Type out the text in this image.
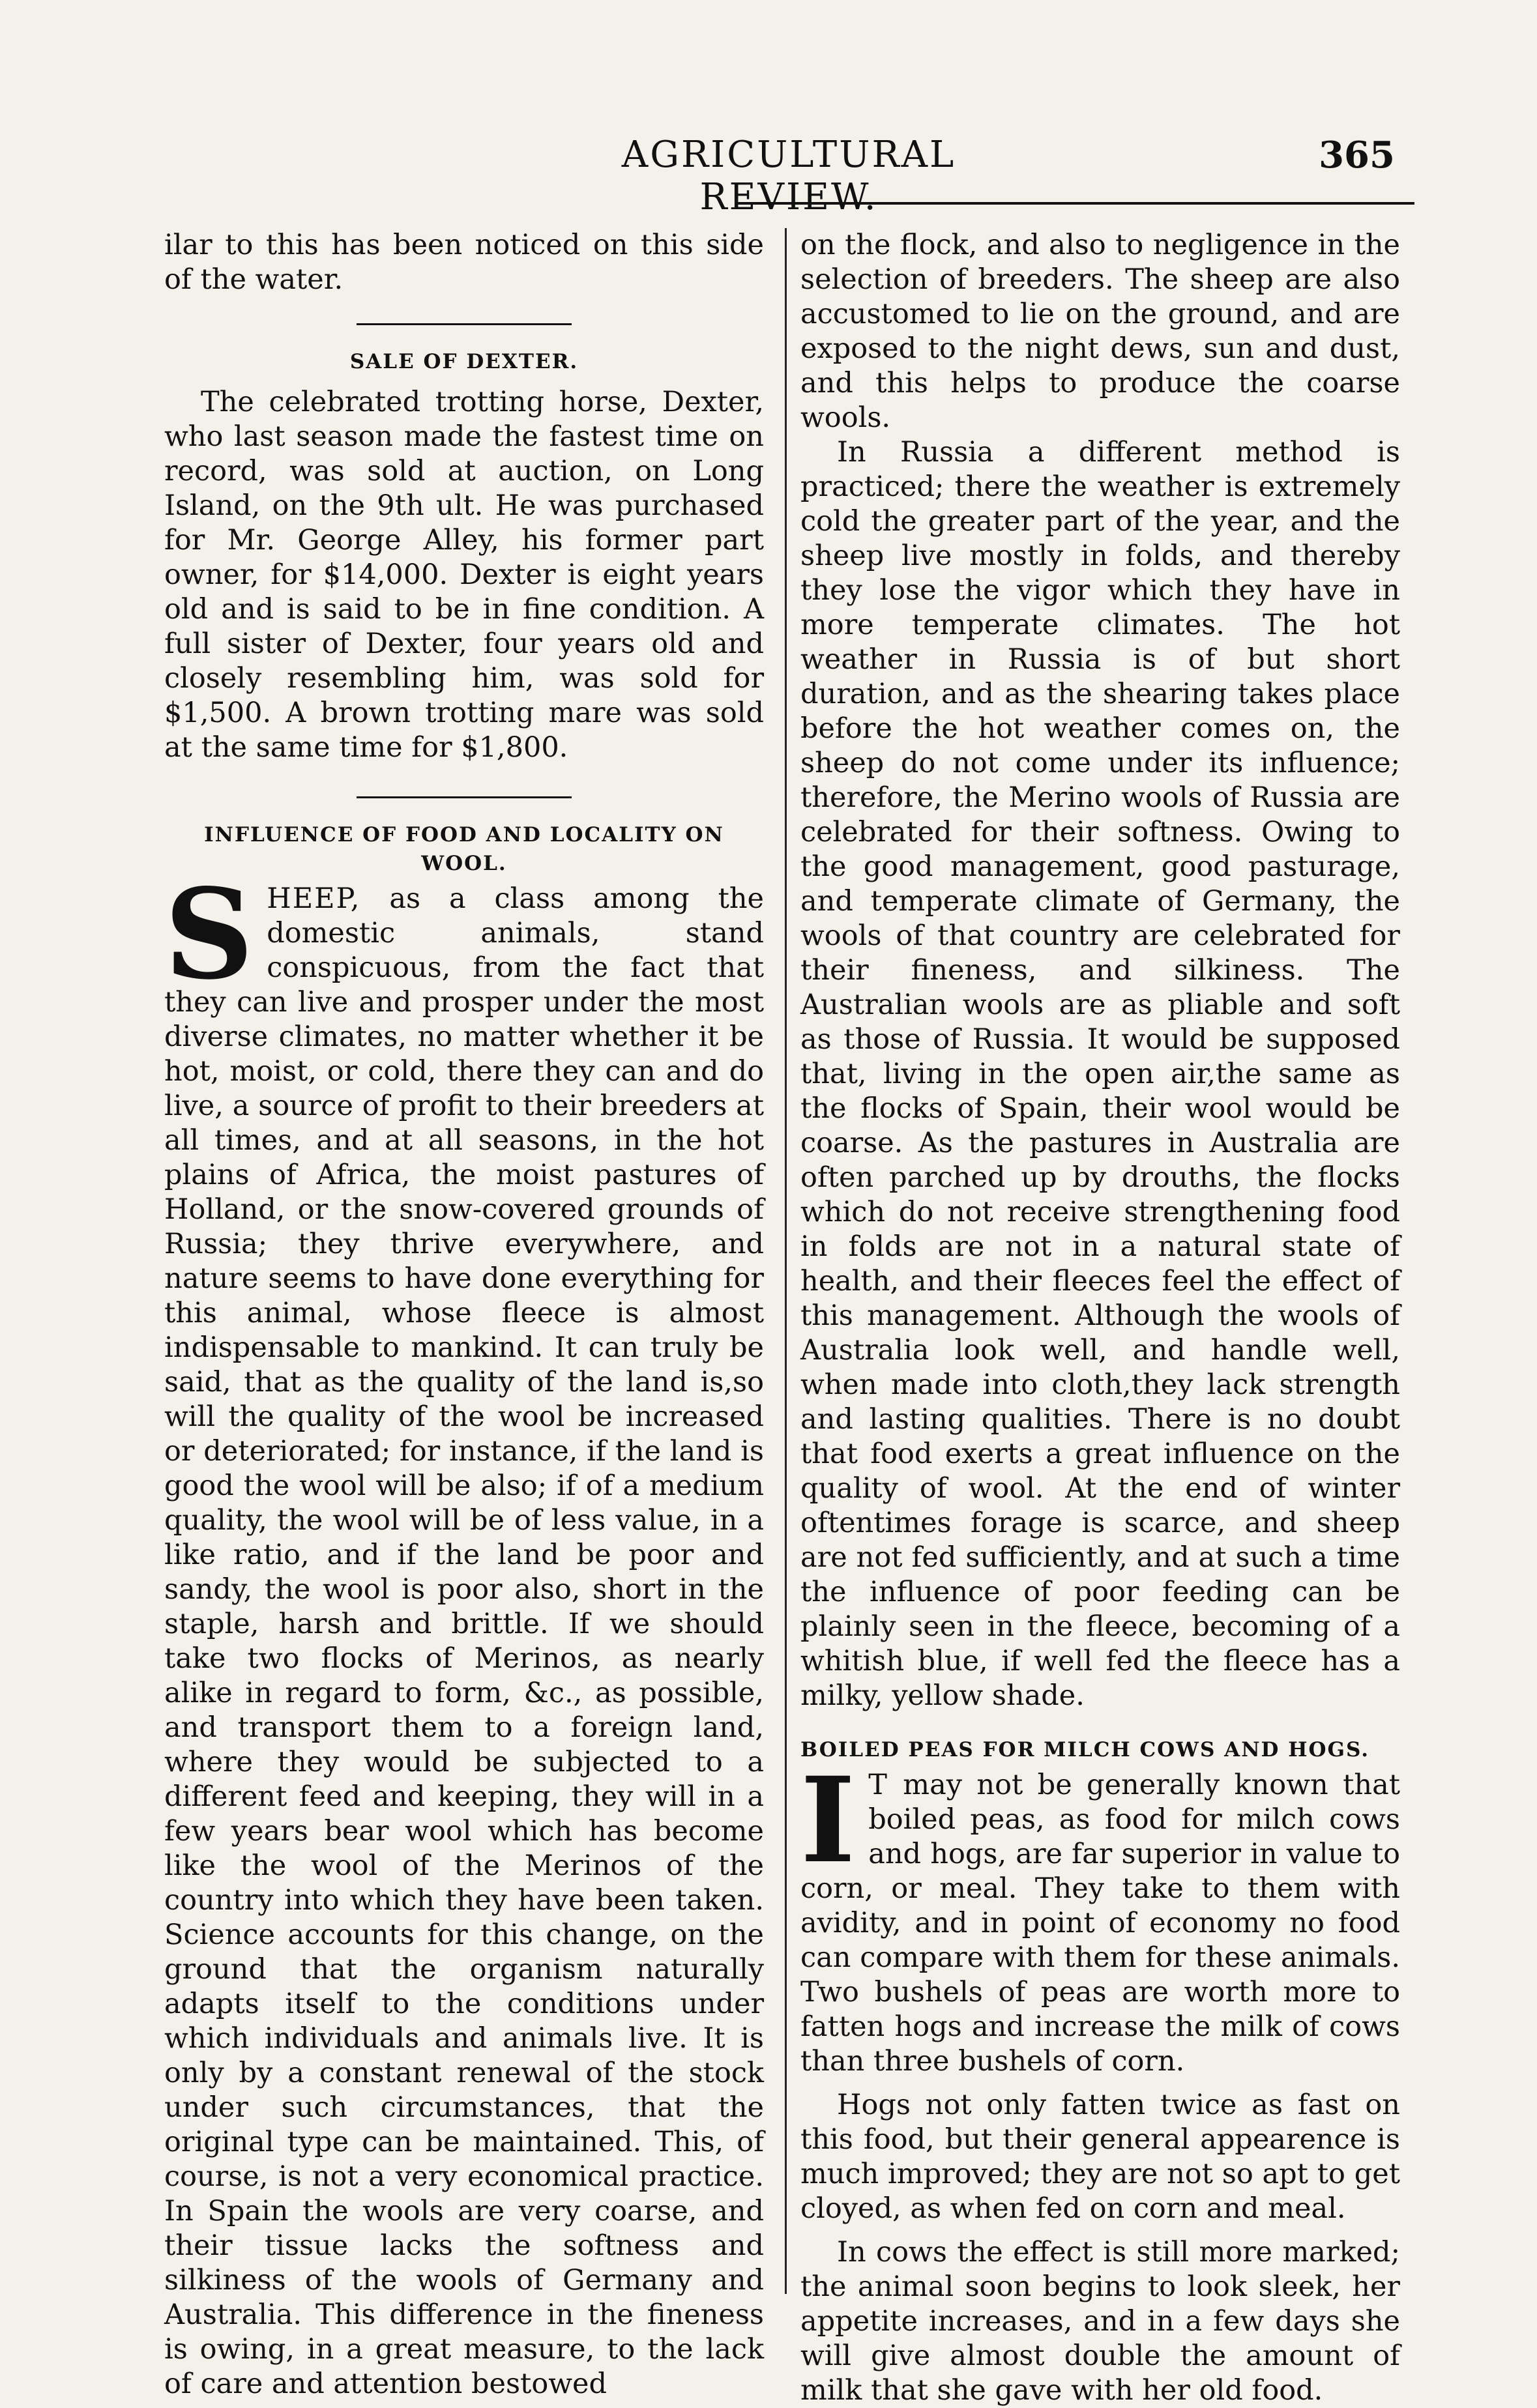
AGRICULTURAL REVIEW.
365

ilar to this has been noticed on this side of the water.

SALE OF DEXTER.

The celebrated trotting horse, Dexter, who last season made the fastest time on record, was sold at auction, on Long Island, on the 9th ult. He was purchased for Mr. George Alley, his former part owner, for $14,000. Dexter is eight years old and is said to be in fine condition. A full sister of Dexter, four years old and closely resembling him, was sold for $1,500. A brown trotting mare was sold at the same time for $1,800.

INFLUENCE OF FOOD AND LOCALITY ON WOOL.

SHEEP, as a class among the domestic animals, stand conspicuous, from the fact that they can live and prosper under the most diverse climates, no matter whether it be hot, moist, or cold, there they can and do live, a source of profit to their breeders at all times, and at all seasons, in the hot plains of Africa, the moist pastures of Holland, or the snow-covered grounds of Russia; they thrive everywhere, and nature seems to have done everything for this animal, whose fleece is almost indispensable to mankind. It can truly be said, that as the quality of the land is,so will the quality of the wool be increased or deteriorated; for instance, if the land is good the wool will be also; if of a medium quality, the wool will be of less value, in a like ratio, and if the land be poor and sandy, the wool is poor also, short in the staple, harsh and brittle. If we should take two flocks of Merinos, as nearly alike in regard to form, &c., as possible, and transport them to a foreign land, where they would be subjected to a different feed and keeping, they will in a few years bear wool which has become like the wool of the Merinos of the country into which they have been taken. Science accounts for this change, on the ground that the organism naturally adapts itself to the conditions under which individuals and animals live. It is only by a constant renewal of the stock under such circumstances, that the original type can be maintained. This, of course, is not a very economical practice. In Spain the wools are very coarse, and their tissue lacks the softness and silkiness of the wools of Germany and Australia. This difference in the fineness is owing, in a great measure, to the lack of care and attention bestowed

on the flock, and also to negligence in the selection of breeders. The sheep are also accustomed to lie on the ground, and are exposed to the night dews, sun and dust, and this helps to produce the coarse wools.

In Russia a different method is practiced; there the weather is extremely cold the greater part of the year, and the sheep live mostly in folds, and thereby they lose the vigor which they have in more temperate climates. The hot weather in Russia is of but short duration, and as the shearing takes place before the hot weather comes on, the sheep do not come under its influence; therefore, the Merino wools of Russia are celebrated for their softness. Owing to the good management, good pasturage, and temperate climate of Germany, the wools of that country are celebrated for their fineness, and silkiness. The Australian wools are as pliable and soft as those of Russia. It would be supposed that, living in the open air,the same as the flocks of Spain, their wool would be coarse. As the pastures in Australia are often parched up by drouths, the flocks which do not receive strengthening food in folds are not in a natural state of health, and their fleeces feel the effect of this management. Although the wools of Australia look well, and handle well, when made into cloth,they lack strength and lasting qualities. There is no doubt that food exerts a great influence on the quality of wool. At the end of winter oftentimes forage is scarce, and sheep are not fed sufficiently, and at such a time the influence of poor feeding can be plainly seen in the fleece, becoming of a whitish blue, if well fed the fleece has a milky, yellow shade.

BOILED PEAS FOR MILCH COWS AND HOGS.

I T may not be generally known that boiled peas, as food for milch cows and hogs, are far superior in value to corn, or meal. They take to them with avidity, and in point of economy no food can compare with them for these animals. Two bushels of peas are worth more to fatten hogs and increase the milk of cows than three bushels of corn.

Hogs not only fatten twice as fast on this food, but their general appearence is much improved; they are not so apt to get cloyed, as when fed on corn and meal.

In cows the effect is still more marked; the animal soon begins to look sleek, her appetite increases, and in a few days she will give almost double the amount of milk that she gave with her old food.
